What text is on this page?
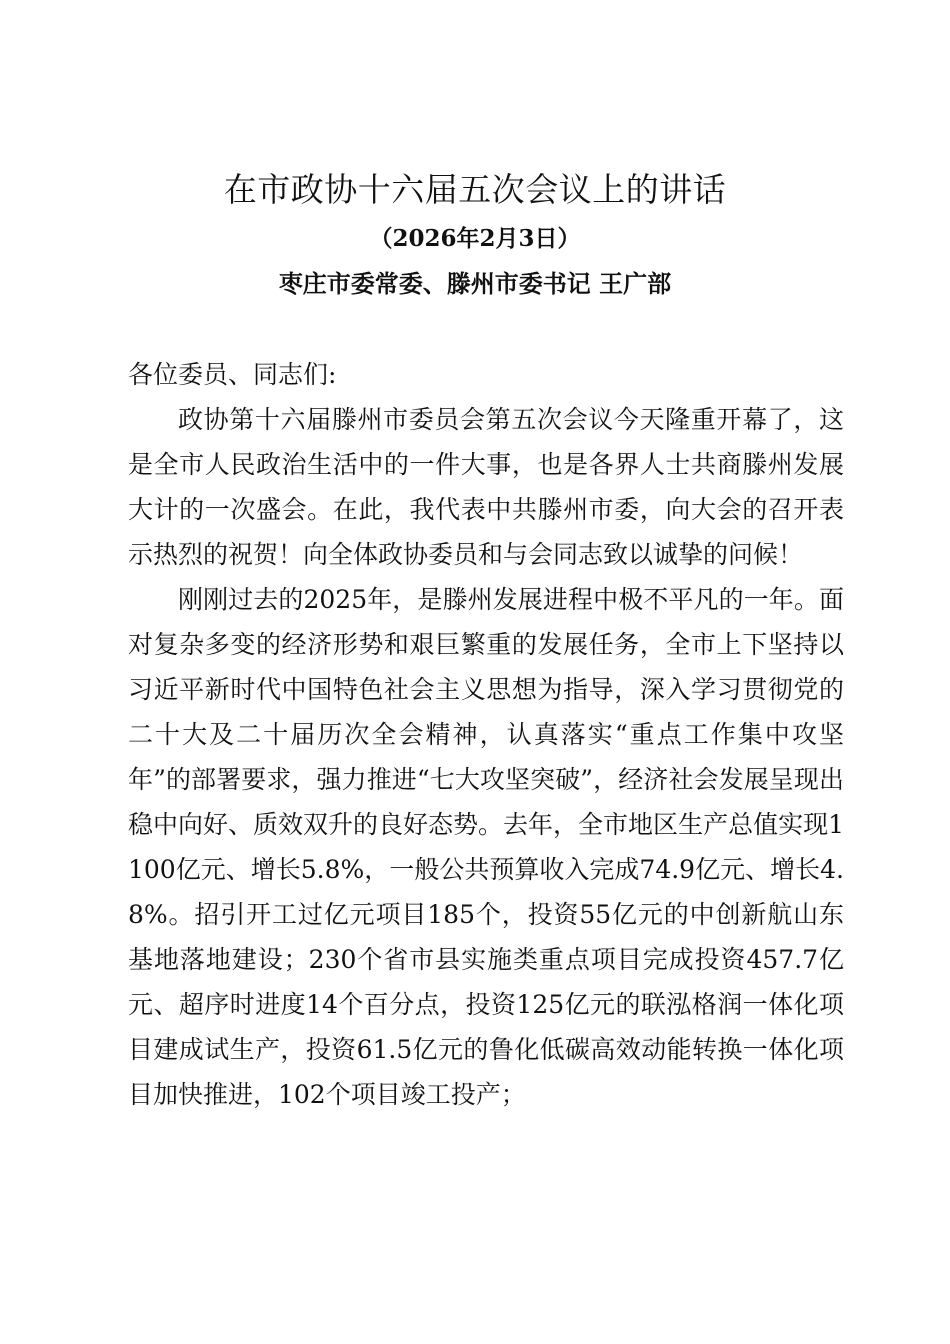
在市政协十六届五次会议上的讲话
（2026年2月3日）
枣庄市委常委、滕州市委书记 王广部

各位委员、同志们:

政协第十六届滕州市委员会第五次会议今天隆重开幕了，这是全市人民政治生活中的一件大事，也是各界人士共商滕州发展大计的一次盛会。在此，我代表中共滕州市委，向大会的召开表示热烈的祝贺！向全体政协委员和与会同志致以诚挚的问候！

刚刚过去的2025年，是滕州发展进程中极不平凡的一年。面对复杂多变的经济形势和艰巨繁重的发展任务，全市上下坚持以习近平新时代中国特色社会主义思想为指导，深入学习贯彻党的二十大及二十届历次全会精神，认真落实“重点工作集中攻坚年”的部署要求，强力推进“七大攻坚突破”，经济社会发展呈现出稳中向好、质效双升的良好态势。去年，全市地区生产总值实现1100亿元、增长5.8%，一般公共预算收入完成74.9亿元、增长4.8%。招引开工过亿元项目185个，投资55亿元的中创新航山东基地落地建设；230个省市县实施类重点项目完成投资457.7亿元、超序时进度14个百分点，投资125亿元的联泓格润一体化项目建成试生产，投资61.5亿元的鲁化低碳高效动能转换一体化项目加快推进，102个项目竣工投产；
